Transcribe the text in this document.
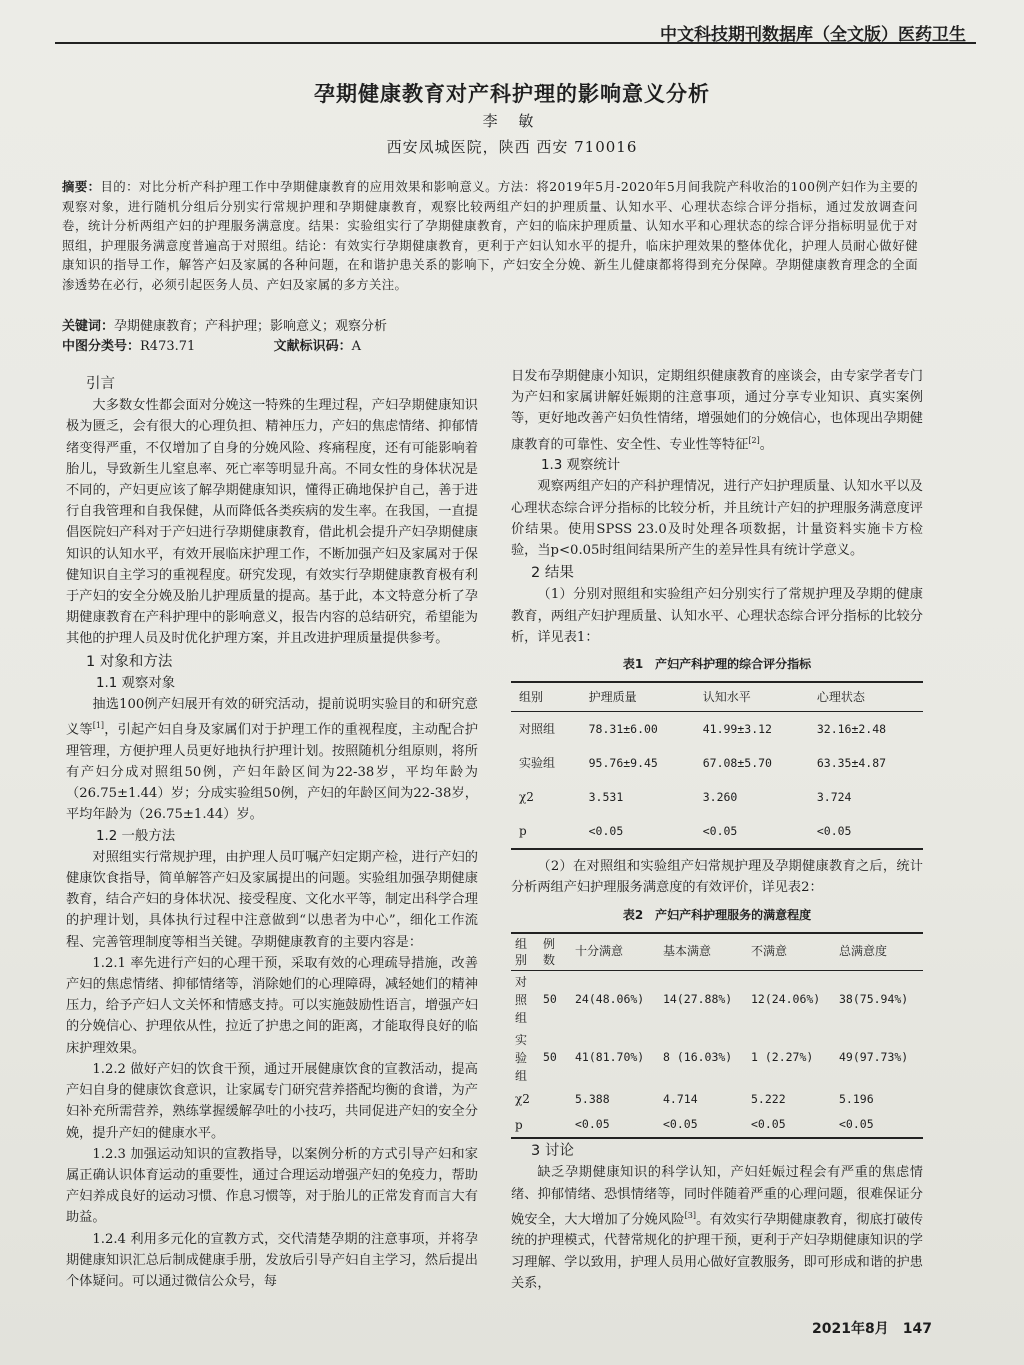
中文科技期刊数据库（全文版）医药卫生
孕期健康教育对产科护理的影响意义分析
李 敏
西安凤城医院，陕西 西安 710016
摘要：目的：对比分析产科护理工作中孕期健康教育的应用效果和影响意义。方法：将2019年5月-2020年5月间我院产科收治的100例产妇作为主要的观察对象，进行随机分组后分别实行常规护理和孕期健康教育，观察比较两组产妇的护理质量、认知水平、心理状态综合评分指标，通过发放调查问卷，统计分析两组产妇的护理服务满意度。结果：实验组实行了孕期健康教育，产妇的临床护理质量、认知水平和心理状态的综合评分指标明显优于对照组，护理服务满意度普遍高于对照组。结论：有效实行孕期健康教育，更利于产妇认知水平的提升，临床护理效果的整体优化，护理人员耐心做好健康知识的指导工作，解答产妇及家属的各种问题，在和谐护患关系的影响下，产妇安全分娩、新生儿健康都将得到充分保障。孕期健康教育理念的全面渗透势在必行，必须引起医务人员、产妇及家属的多方关注。
关键词：孕期健康教育；产科护理；影响意义；观察分析
中图分类号：R473.71	文献标识码：A
引言

大多数女性都会面对分娩这一特殊的生理过程，产妇孕期健康知识极为匮乏，会有很大的心理负担、精神压力，产妇的焦虑情绪、抑郁情绪变得严重，不仅增加了自身的分娩风险、疼痛程度，还有可能影响着胎儿，导致新生儿窒息率、死亡率等明显升高。不同女性的身体状况是不同的，产妇更应该了解孕期健康知识，懂得正确地保护自己，善于进行自我管理和自我保健，从而降低各类疾病的发生率。在我国，一直提倡医院妇产科对于产妇进行孕期健康教育，借此机会提升产妇孕期健康知识的认知水平，有效开展临床护理工作，不断加强产妇及家属对于保健知识自主学习的重视程度。研究发现，有效实行孕期健康教育极有利于产妇的安全分娩及胎儿护理质量的提高。基于此，本文特意分析了孕期健康教育在产科护理中的影响意义，报告内容的总结研究，希望能为其他的护理人员及时优化护理方案，并且改进护理质量提供参考。

1 对象和方法
1.1 观察对象

抽选100例产妇展开有效的研究活动，提前说明实验目的和研究意义等[1]，引起产妇自身及家属们对于护理工作的重视程度，主动配合护理管理，方便护理人员更好地执行护理计划。按照随机分组原则，将所有产妇分成对照组50例，产妇年龄区间为22-38岁，平均年龄为（26.75±1.44）岁；分成实验组50例，产妇的年龄区间为22-38岁，平均年龄为（26.75±1.44）岁。

1.2 一般方法

对照组实行常规护理，由护理人员叮嘱产妇定期产检，进行产妇的健康饮食指导，简单解答产妇及家属提出的问题。实验组加强孕期健康教育，结合产妇的身体状况、接受程度、文化水平等，制定出科学合理的护理计划，具体执行过程中注意做到“以患者为中心”，细化工作流程、完善管理制度等相当关键。孕期健康教育的主要内容是：

1.2.1 率先进行产妇的心理干预，采取有效的心理疏导措施，改善产妇的焦虑情绪、抑郁情绪等，消除她们的心理障碍，减轻她们的精神压力，给予产妇人文关怀和情感支持。可以实施鼓励性语言，增强产妇的分娩信心、护理依从性，拉近了护患之间的距离，才能取得良好的临床护理效果。

1.2.2 做好产妇的饮食干预，通过开展健康饮食的宣教活动，提高产妇自身的健康饮食意识，让家属专门研究营养搭配均衡的食谱，为产妇补充所需营养，熟练掌握缓解孕吐的小技巧，共同促进产妇的安全分娩，提升产妇的健康水平。

1.2.3 加强运动知识的宣教指导，以案例分析的方式引导产妇和家属正确认识体育运动的重要性，通过合理运动增强产妇的免疫力，帮助产妇养成良好的运动习惯、作息习惯等，对于胎儿的正常发育而言大有助益。

1.2.4 利用多元化的宣教方式，交代清楚孕期的注意事项，并将孕期健康知识汇总后制成健康手册，发放后引导产妇自主学习，然后提出个体疑问。可以通过微信公众号，每

日发布孕期健康小知识，定期组织健康教育的座谈会，由专家学者专门为产妇和家属讲解妊娠期的注意事项，通过分享专业知识、真实案例等，更好地改善产妇负性情绪，增强她们的分娩信心，也体现出孕期健康教育的可靠性、安全性、专业性等特征[2]。

1.3 观察统计

观察两组产妇的产科护理情况，进行产妇护理质量、认知水平以及心理状态综合评分指标的比较分析，并且统计产妇的护理服务满意度评价结果。使用SPSS 23.0及时处理各项数据，计量资料实施卡方检验，当p<0.05时组间结果所产生的差异性具有统计学意义。

2 结果

（1）分别对照组和实验组产妇分别实行了常规护理及孕期的健康教育，两组产妇护理质量、认知水平、心理状态综合评分指标的比较分析，详见表1：

表1　产妇产科护理的综合评分指标
组别	护理质量	认知水平	心理状态
对照组	78.31±6.00	41.99±3.12	32.16±2.48
实验组	95.76±9.45	67.08±5.70	63.35±4.87
χ2	3.531	3.260	3.724
p	<0.05	<0.05	<0.05

（2）在对照组和实验组产妇常规护理及孕期健康教育之后，统计分析两组产妇护理服务满意度的有效评价，详见表2：

表2　产妇产科护理服务的满意程度
组别	例数	十分满意	基本满意	不满意	总满意度
对照组	50	24(48.06%)	14(27.88%)	12(24.06%)	38(75.94%)
实验组	50	41(81.70%)	8 (16.03%)	1 (2.27%)	49(97.73%)
χ2		5.388	4.714	5.222	5.196
p		<0.05	<0.05	<0.05	<0.05
3 讨论

缺乏孕期健康知识的科学认知，产妇妊娠过程会有严重的焦虑情绪、抑郁情绪、恐惧情绪等，同时伴随着严重的心理问题，很难保证分娩安全，大大增加了分娩风险[3]。有效实行孕期健康教育，彻底打破传统的护理模式，代替常规化的护理干预，更利于产妇孕期健康知识的学习理解、学以致用，护理人员用心做好宣教服务，即可形成和谐的护患关系，

2021年8月 147
